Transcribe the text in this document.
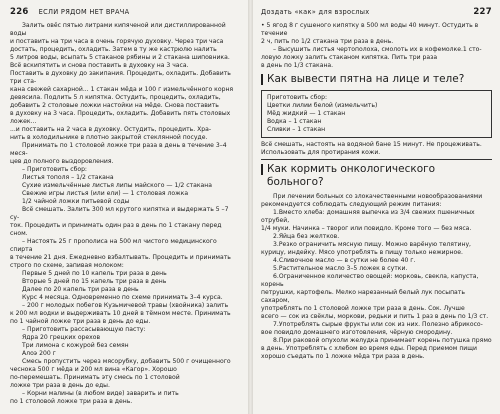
226 ЕСЛИ РЯДОМ НЕТ ВРАЧА

Залить овёс пятью литрами кипяченой или дистиллированной воды

и поставить на три часа в очень горячую духовку. Через три часа

достать, процедить, охладить. Затем в ту же кастрюлю налить

5 литров воды, всыпать 5 стаканов рябины и 2 стакана шиповника.

Всё вскипятить и снова поставить в духовку на 3 часа.

Поставить в духовку до закипания. Процедить, охладить. Добавить три ста-

кана свежей сахарной... 1 стакан мёда и 100 г измельчённого корня

девясила. Подлить 5 л кипятка. Остудить, процедить, охладить,

добавить 2 столовые ложки настойки на мёде. Снова поставить

в духовку на 3 часа. Процедить, охладить. Добавить пять столовых ложек...

...и поставить на 2 часа в духовку. Остудить, процедить. Хра-

нить в холодильнике в плотно закрытой стеклянной посуде.

Принимать по 1 столовой ложке три раза в день в течение 3–4 меся-

цев до полного выздоровления.

– Приготовить сбор:

Листья тополя – 1/2 стакана

Сухие измельчённые листья липы майского — 1/2 стакана

Свежие игры листья (или ели) — 1 столовая ложка

1/2 чайной ложки питьевой соды

Всё смешать. Залить 300 мл крутого кипятка и выдержать 5 –7 су-

ток. Процедить и принимать один раз в день по 1 стакану перед сном.

– Настоять 25 г прополиса на 500 мл чистого медицинского спирта

в течение 21 дня. Ежедневно взбалтывать. Процедить и принимать

строго по схеме, запивая молоком:

Первые 5 дней по 10 капель три раза в день

Вторые 5 дней по 15 капель три раза в день

Далее по 20 капель три раза в день

Курс 4 месяца. Одновременно по схеме принимать 3–4 курса.

– 200 г молодых побегов Кузьмичевой травы (хвойника) залить

к 200 мл водки и выдерживать 10 дней в тёмном месте. Принимать

по 1 чайной ложке три раза в день до еды.

– Приготовить рассасывающую пасту:

Ядра 20 грецких орехов

Три лимона с кожурой без семян

Алоэ 200 г

Смесь пропустить через мясорубку, добавить 500 г очищенного

чеснока 500 г мёда и 200 мл вина «Кагор». Хорошо

по-перемешать. Принимать эту смесь по 1 столовой

ложке три раза в день до еды.

– Корни малины (в любом виде) заварить и пить

по 1 столовой ложке три раза в день.

Доздать «как» для взрослых	227

• 5 ягод 8 г сушеного кипятку в 500 мл воды 40 минут. Остудить в течение

2 ч, пить по 1/2 стакана три раза в день.

– Высушить листья чертополоха, смолоть их в кофемолке.1 сто-

ловую ложку залить стаканом кипятка. Пить три раза

в день по 1/3 стакана.

Как вывести пятна на лице и теле?
Приготовить сбор:
Цветки лилии белой (измельчить)
Мёд жидкий — 1 стакан
Водка – 1 стакан
Сливки – 1 стакан

Всё смешать, настоять на водяной бане 15 минут. Не процеживать.

Использовать для протирания кожи.

Как кормить онкологического больного?

При лечении больных со злокачественными новообразованиями

рекомендуется соблюдать следующий режим питания:

1.Вместо хлеба: домашняя выпечка из 3/4 свежих пшеничных отрубей,

1/4 муки. Начинка – творог или повидло. Кроме того — без мяса.

2.Яйца без желтков.

3.Резко ограничить мясную пищу. Можно варёную телятину,

курицу, индейку. Мясо употреблять в пищу только нежирное.

4.Сливочное масло — в сутки не более 40 г.

5.Растительное масло 3–5 ложек в сутки.

6.Ограниченное количество овощей: морковь, свекла, капуста, корень

петрушки, картофель. Мелко нарезанный белый лук посыпать сахаром,

употреблять по 1 столовой ложке три раза в день. Сок. Лучше

всего — сок из свёклы, моркови, редьки и пить 1 раз в день по 1/3 ст.

7.Употреблять сырые фрукты или сок из них. Полезно абрикосо-

вое повидло домашнего изготовления, чёрную смородину.

8.При раковой опухоли желудка принимает корень потушка прямо

в день. Употреблять с хлебом во время еды. Перед приемом пищи

хорошо съедать по 1 ложке мёда три раза в день.
